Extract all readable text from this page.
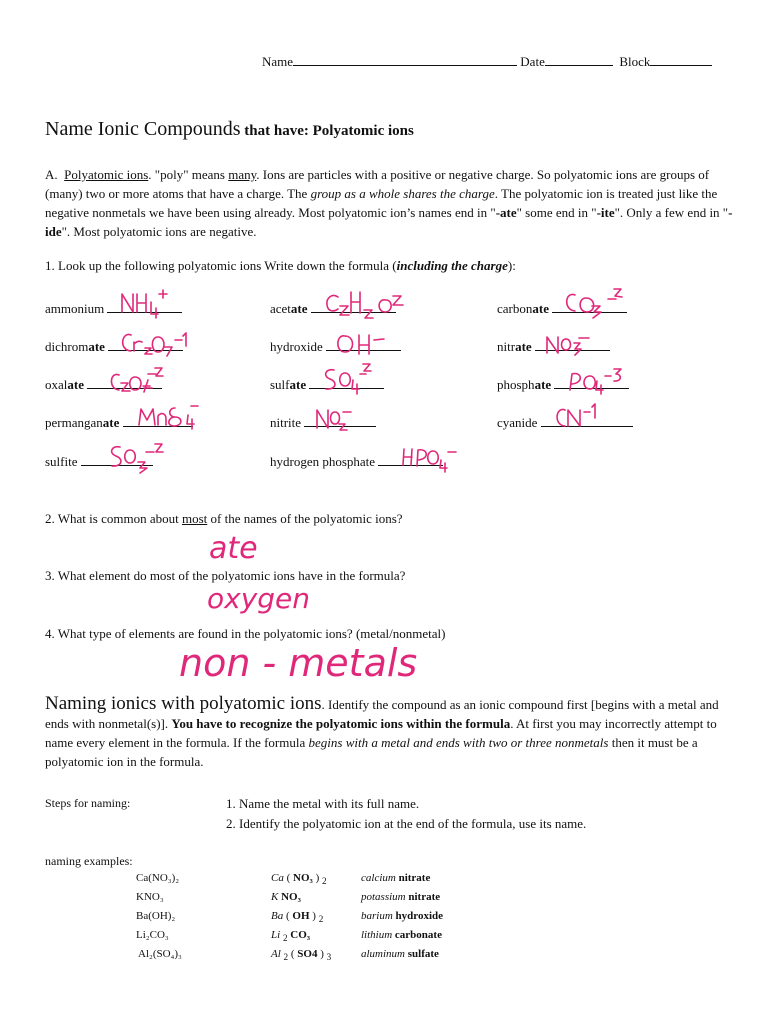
Name	Date	Block
Name Ionic Compounds that have: Polyatomic ions
A. Polyatomic ions. "poly" means many. Ions are particles with a positive or negative charge. So polyatomic ions are groups of (many) two or more atoms that have a charge. The group as a whole shares the charge. The polyatomic ion is treated just like the negative nonmetals we have been using already. Most polyatomic ion’s names end in "-ate" some end in "-ite". Only a few end in "-ide". Most polyatomic ions are negative.
1. Look up the following polyatomic ions Write down the formula (including the charge):
ammonium	acetate	carbonate
dichromate	hydroxide	nitrate
oxalate	sulfate	phosphate
permanganate	nitrite	cyanide
sulfite	hydrogen phosphate
2. What is common about most of the names of the polyatomic ions?
ate
3. What element do most of the polyatomic ions have in the formula?
oxygen
4. What type of elements are found in the polyatomic ions? (metal/nonmetal)
non - metals
Naming ionics with polyatomic ions. Identify the compound as an ionic compound first [begins with a metal and ends with nonmetal(s)]. You have to recognize the polyatomic ions within the formula. At first you may incorrectly attempt to name every element in the formula. If the formula begins with a metal and ends with two or three nonmetals then it must be a polyatomic ion in the formula.
Steps for naming:	1. Name the metal with its full name.
2. Identify the polyatomic ion at the end of the formula, use its name.
naming examples:
Ca(NO₃)₂	Ca ( NO₃ ) $_2$	calcium nitrate
KNO₃	K NO₃	potassium nitrate
Ba(OH)₂	Ba ( OH ) $_2$	barium hydroxide
Li₂CO₃	Li $_2$ CO₃	lithium carbonate
Al₂(SO₄)₃	Al $_2$ ( SO4 ) $_3$	aluminum sulfate
